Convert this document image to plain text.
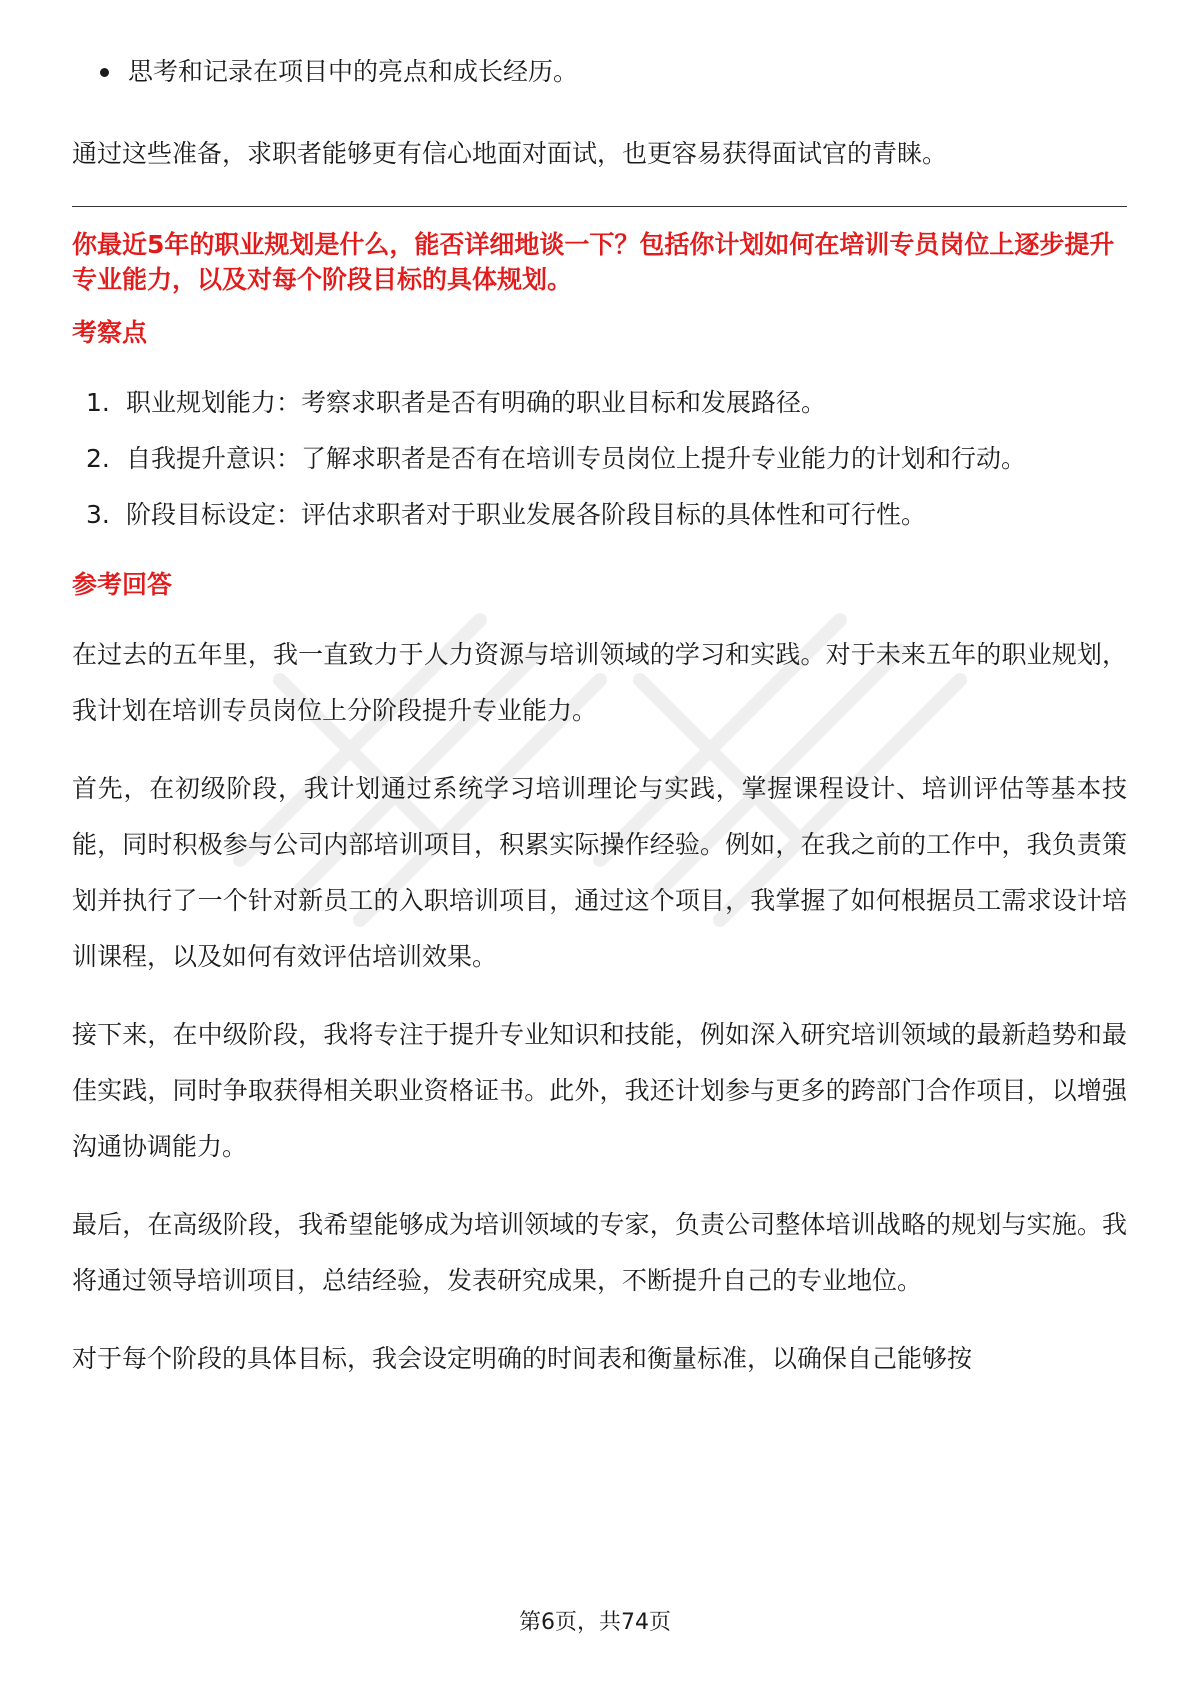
思考和记录在项目中的亮点和成长经历。

通过这些准备，求职者能够更有信心地面对面试，也更容易获得面试官的青睐。

你最近5年的职业规划是什么，能否详细地谈一下？包括你计划如何在培训专员岗位上逐步提升专业能力，以及对每个阶段目标的具体规划。

考察点

1. 职业规划能力：考察求职者是否有明确的职业目标和发展路径。
2. 自我提升意识：了解求职者是否有在培训专员岗位上提升专业能力的计划和行动。
3. 阶段目标设定：评估求职者对于职业发展各阶段目标的具体性和可行性。

参考回答

在过去的五年里，我一直致力于人力资源与培训领域的学习和实践。对于未来五年的职业规划，我计划在培训专员岗位上分阶段提升专业能力。

首先，在初级阶段，我计划通过系统学习培训理论与实践，掌握课程设计、培训评估等基本技能，同时积极参与公司内部培训项目，积累实际操作经验。例如，在我之前的工作中，我负责策划并执行了一个针对新员工的入职培训项目，通过这个项目，我掌握了如何根据员工需求设计培训课程，以及如何有效评估培训效果。

接下来，在中级阶段，我将专注于提升专业知识和技能，例如深入研究培训领域的最新趋势和最佳实践，同时争取获得相关职业资格证书。此外，我还计划参与更多的跨部门合作项目，以增强沟通协调能力。

最后，在高级阶段，我希望能够成为培训领域的专家，负责公司整体培训战略的规划与实施。我将通过领导培训项目，总结经验，发表研究成果，不断提升自己的专业地位。

对于每个阶段的具体目标，我会设定明确的时间表和衡量标准，以确保自己能够按

第6页，共74页
